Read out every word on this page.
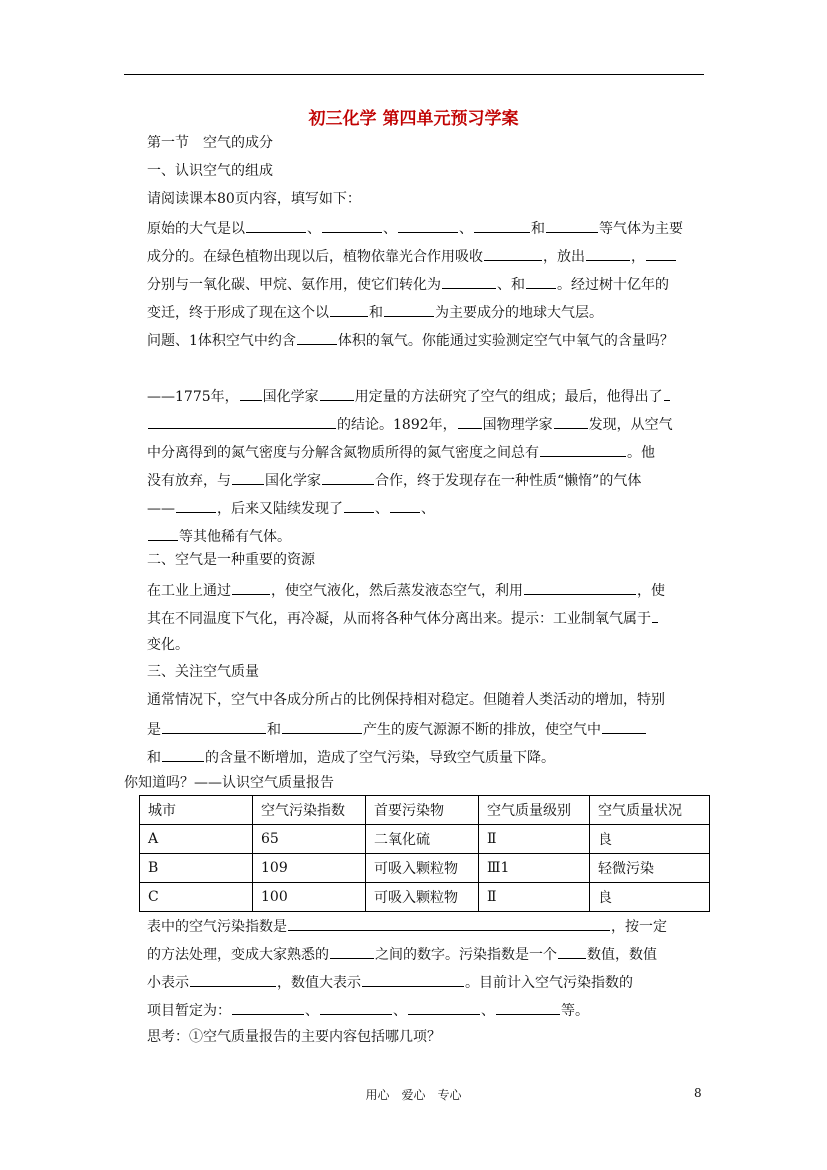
初三化学 第四单元预习学案
第一节　空气的成分
一、认识空气的组成
请阅读课本80页内容，填写如下：
原始的大气是以	、	、	、	和	等气体为主要
成分的。在绿色植物出现以后，植物依靠光合作用吸收	，放出	，
分别与一氧化碳、甲烷、氨作用，使它们转化为	、和 。经过树十亿年的
变迁，终于形成了现在这个以	和	为主要成分的地球大气层。
问题、1体积空气中约含	体积的氧气。你能通过实验测定空气中氧气的含量吗？
——1775年， 国化学家	用定量的方法研究了空气的组成；最后，他得出了
的结论。1892年， 国物理学家	发现，从空气
中分离得到的氮气密度与分解含氮物质所得的氮气密度之间总有	。他
没有放弃，与 国化学家	合作，终于发现存在一种性质“懒惰”的气体
——	，后来又陆续发现了 、 、
等其他稀有气体。
二、空气是一种重要的资源
在工业上通过	，使空气液化，然后蒸发液态空气，利用	，使
其在不同温度下气化，再冷凝，从而将各种气体分离出来。提示：工业制氧气属于
变化。
三、关注空气质量
通常情况下，空气中各成分所占的比例保持相对稳定。但随着人类活动的增加，特别
是	和	产生的废气源源不断的排放，使空气中
和	的含量不断增加，造成了空气污染，导致空气质量下降。
你知道吗？——认识空气质量报告
城市	空气污染指数	首要污染物	空气质量级别	空气质量状况
A	65	二氧化硫	Ⅱ	良
B	109	可吸入颗粒物	Ⅲ1	轻微污染
C	100	可吸入颗粒物	Ⅱ	良
表中的空气污染指数是	，按一定
的方法处理，变成大家熟悉的	之间的数字。污染指数是一个 数值，数值
小表示	，数值大表示	。目前计入空气污染指数的
项目暂定为：	、	、	、	等。
思考：①空气质量报告的主要内容包括哪几项？
用心　爱心　专心	8
